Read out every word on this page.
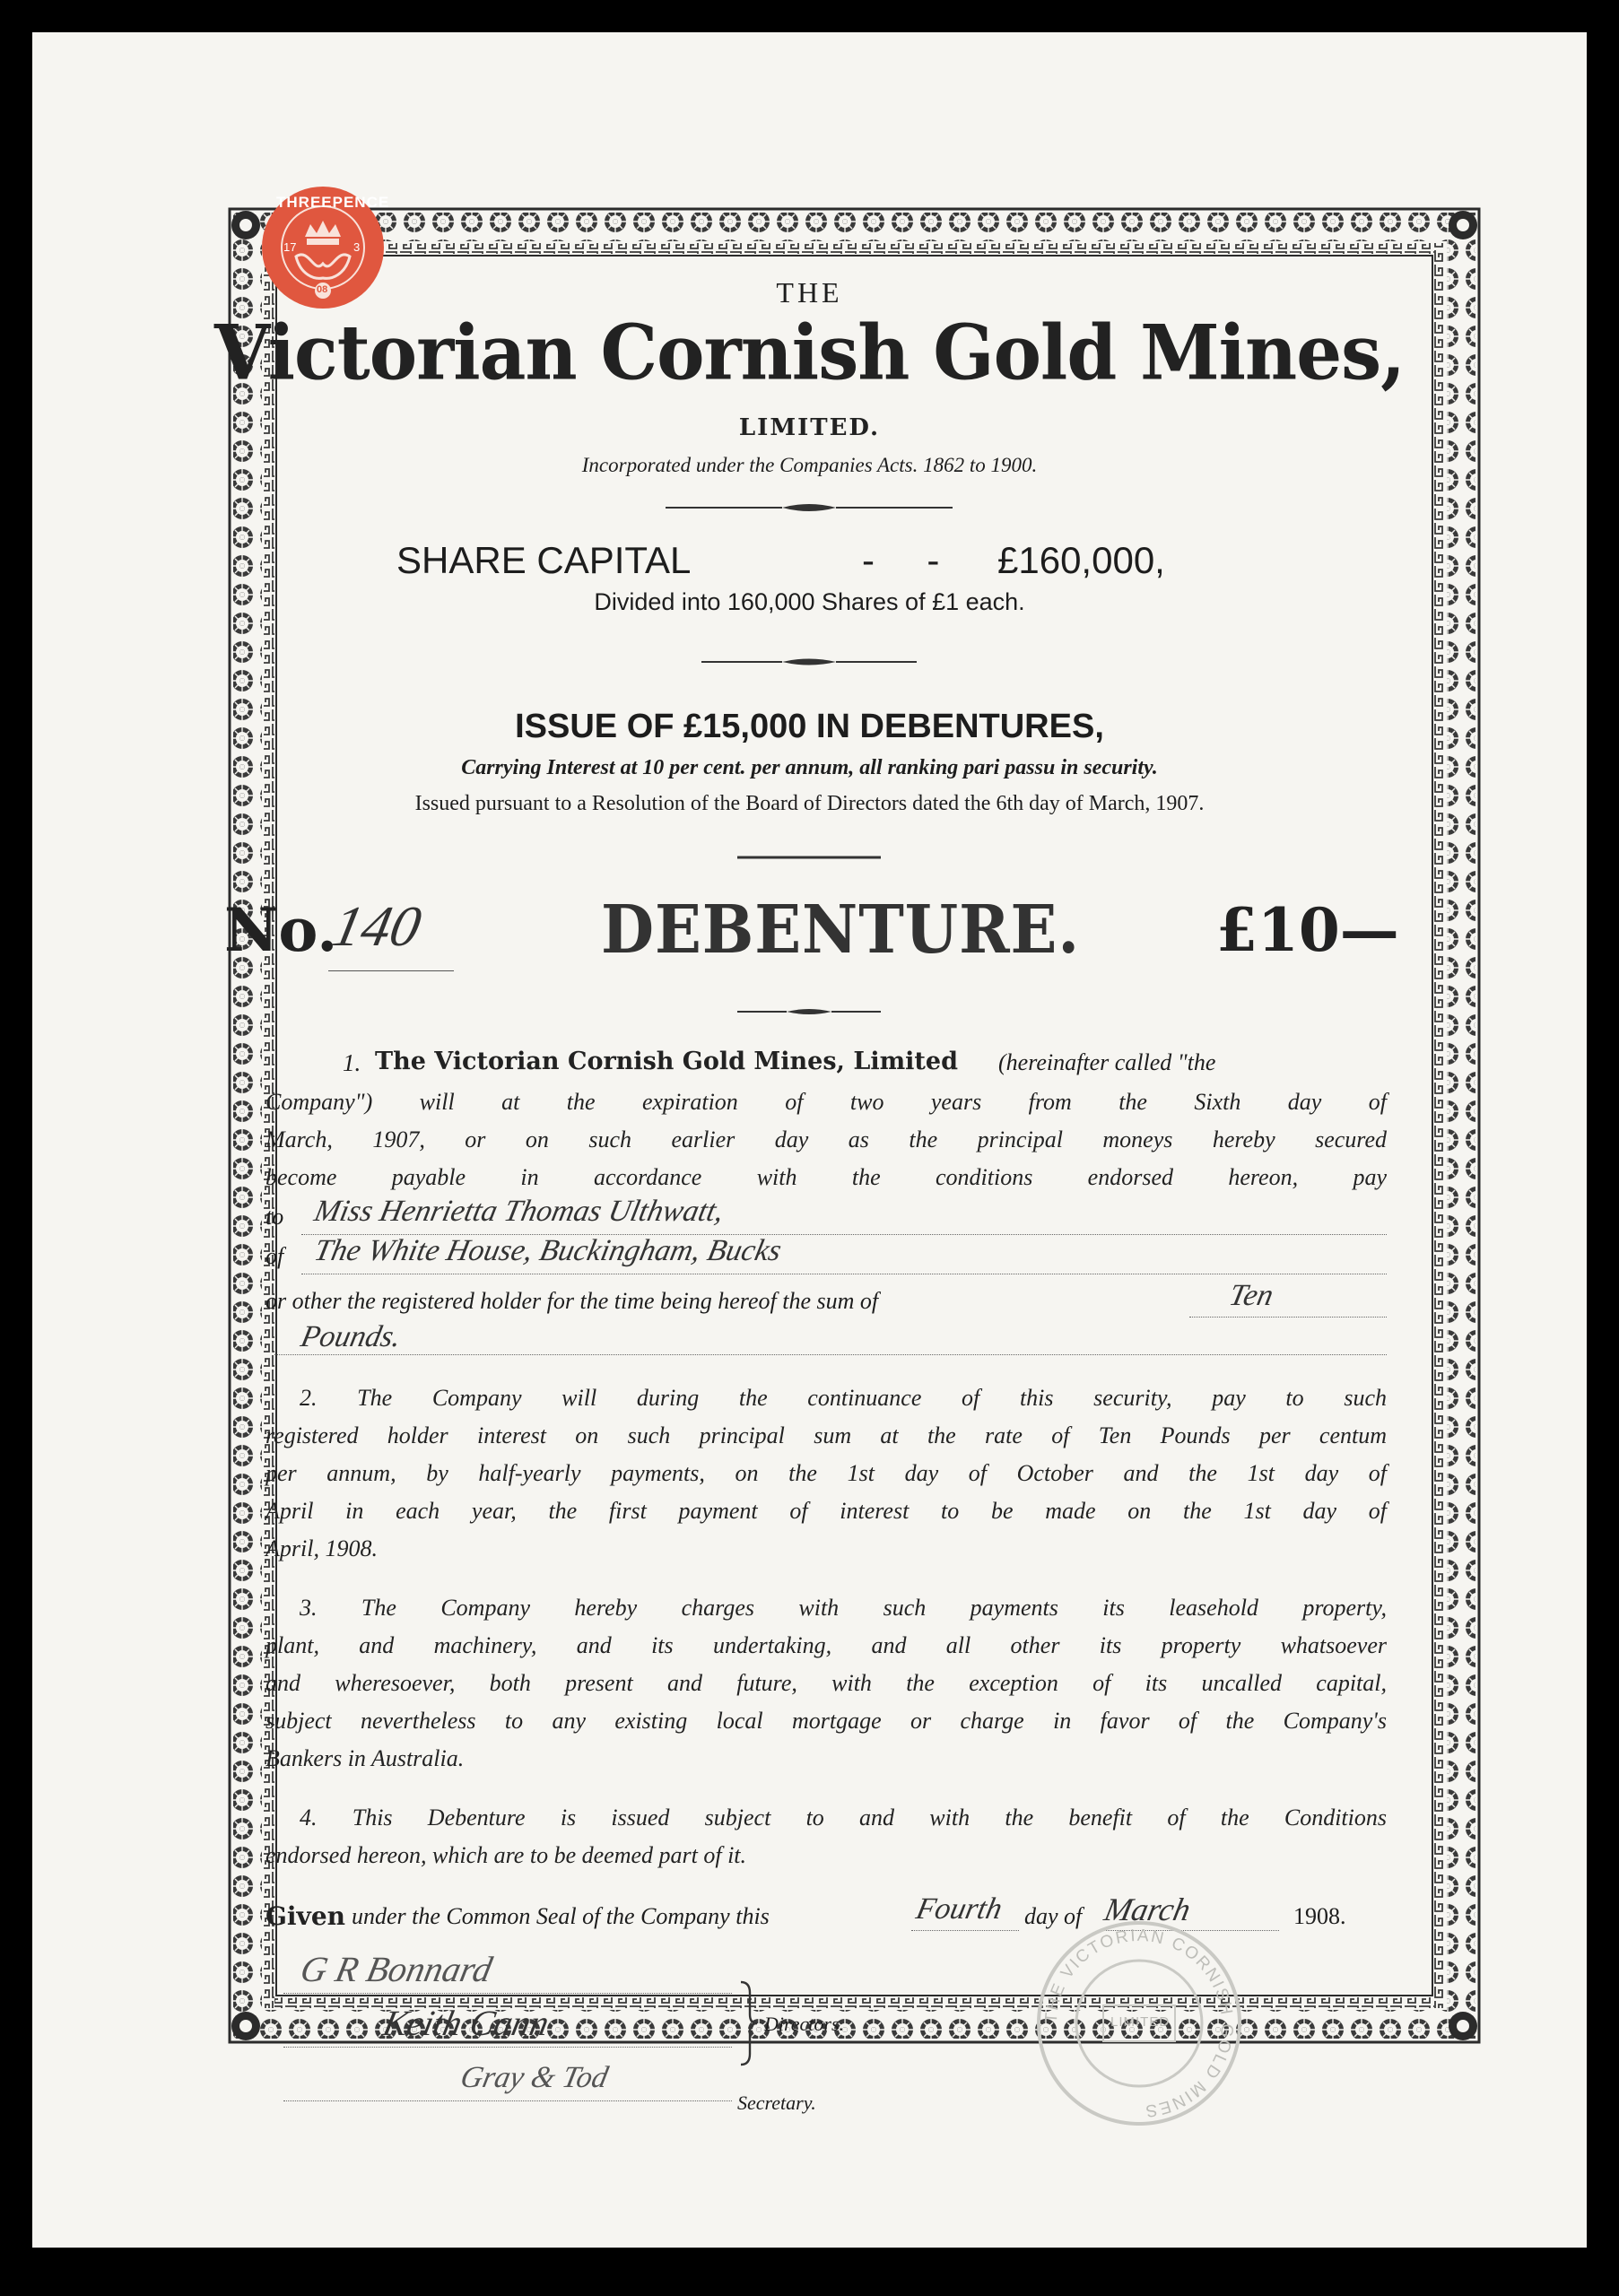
THREEPENCE
17	3
08	THE
Victorian Cornish Gold Mines,
LIMITED.
Incorporated under the Companies Acts. 1862 to 1900.
SHARE CAPITAL	-     - £160,000,
Divided into 160,000 Shares of £1 each.
ISSUE OF £15,000 IN DEBENTURES,
Carrying Interest at 10 per cent. per annum, all ranking pari passu in security.
Issued pursuant to a Resolution of the Board of Directors dated the 6th day of March, 1907.
No.
140	DEBENTURE. £10—
1. The Victorian Cornish Gold Mines, Limited (hereinafter called "the
Company") will at the expiration of two years from the Sixth day of
March, 1907, or on such earlier day as the principal moneys hereby secured
become payable in accordance with the conditions endorsed hereon, pay
to Miss Henrietta Thomas Ulthwatt,
of The White House, Buckingham, Bucks
or other the registered holder for the time being hereof the sum of	Ten
Pounds.
2. The Company will during the continuance of this security, pay to such
registered holder interest on such principal sum at the rate of Ten Pounds per centum
per annum, by half-yearly payments, on the 1st day of October and the 1st day of
April in each year, the first payment of interest to be made on the 1st day of
April, 1908.
3. The Company hereby charges with such payments its leasehold property,
plant, and machinery, and its undertaking, and all other its property whatsoever
and wheresoever, both present and future, with the exception of its uncalled capital,
subject nevertheless to any existing local mortgage or charge in favor of the Company's
Bankers in Australia.
4. This Debenture is issued subject to and with the benefit of the Conditions
endorsed hereon, which are to be deemed part of it.
Given under the Common Seal of the Company this	Fourth day of March	1908.
G R Bonnard
Keith Cann	Directors.
Gray & Tod
Secretary.
THE VICTORIAN CORNISH GOLD MINES
LIMITED
